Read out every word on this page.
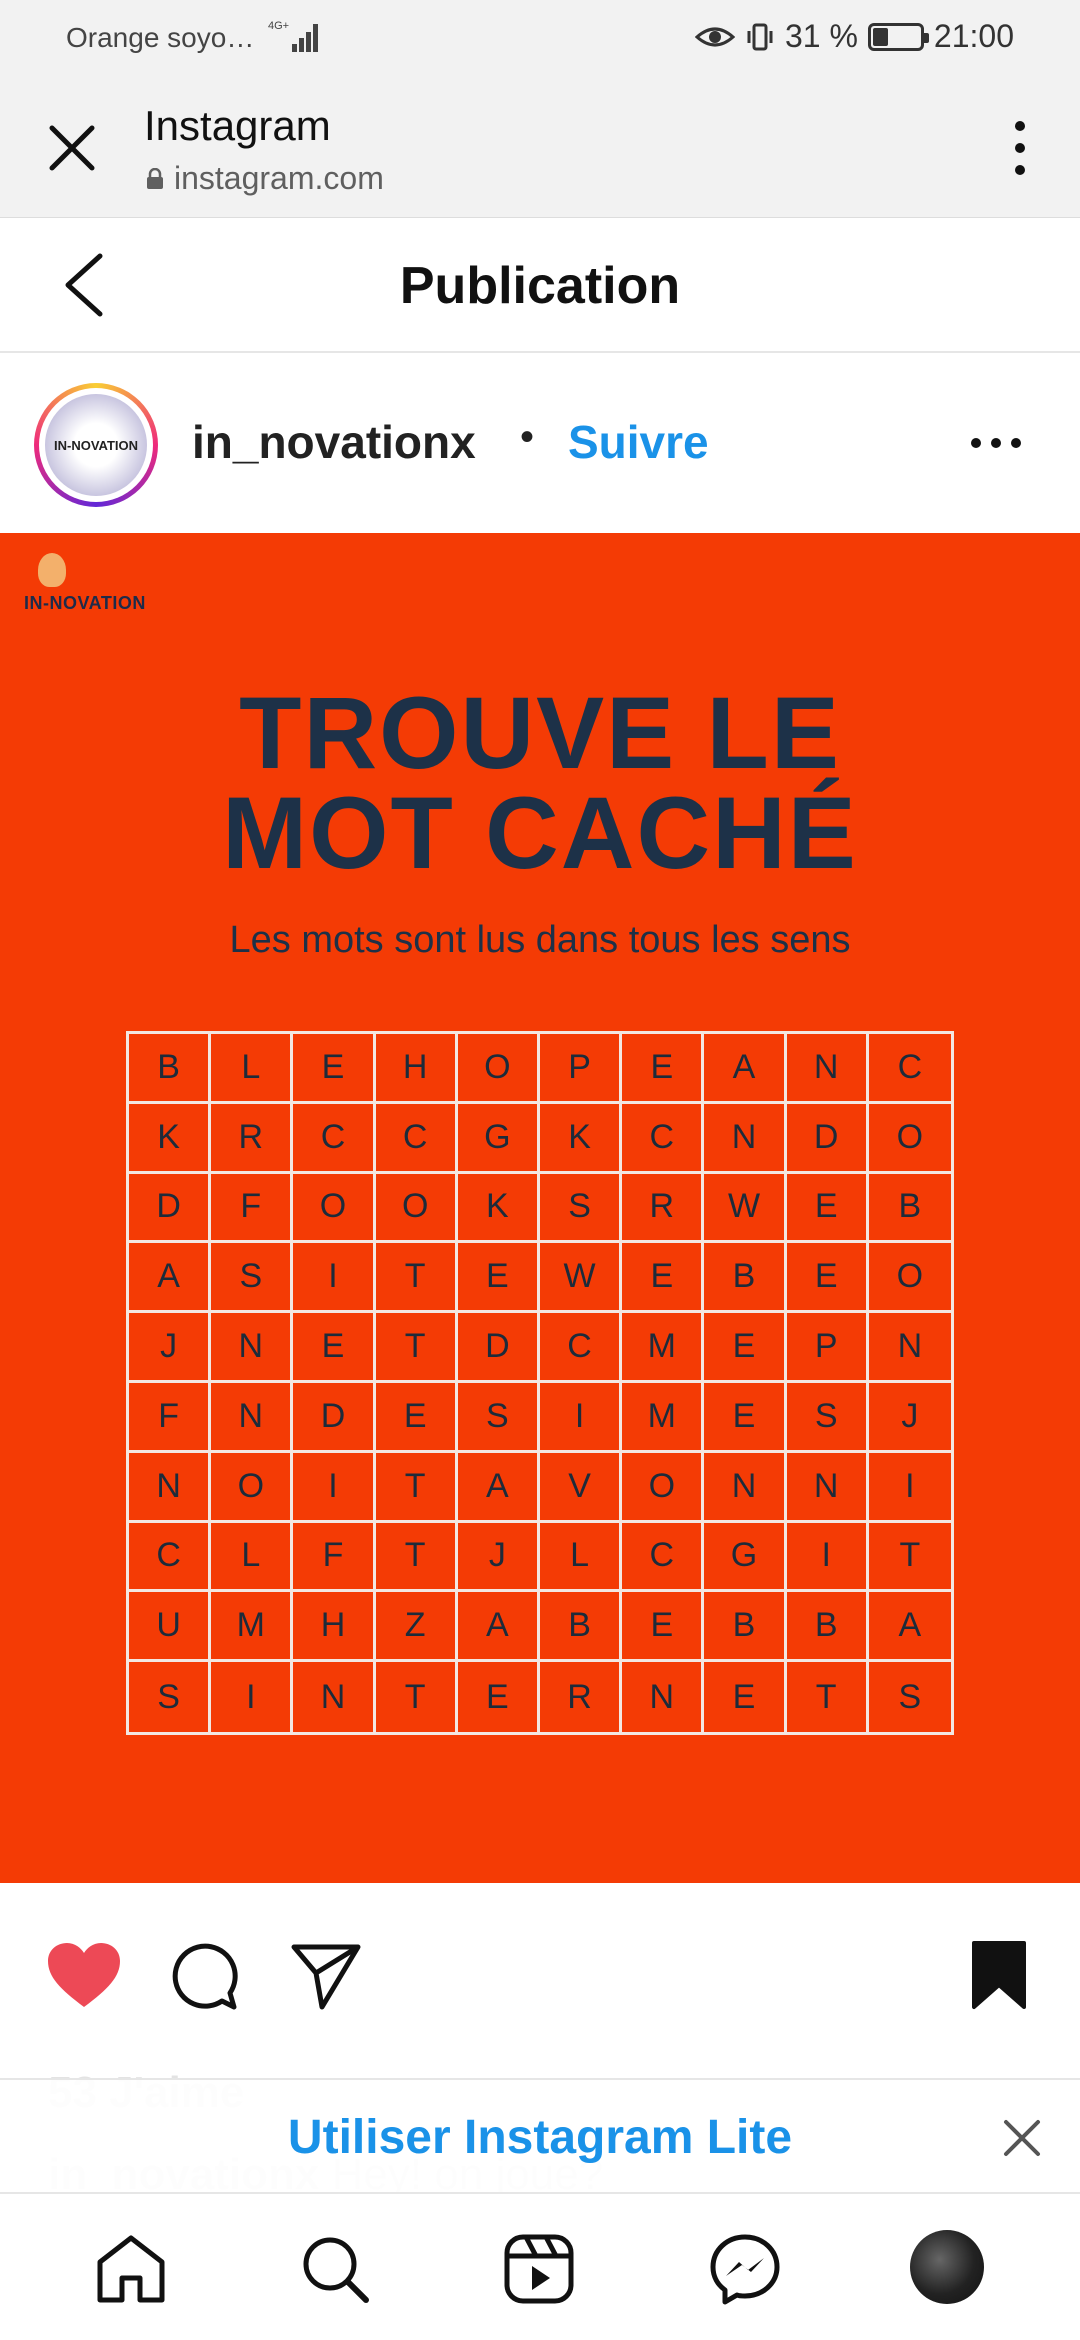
Orange soyo… 4G+	31 % 21:00
Instagram
instagram.com
Publication
IN-NOVATION in_novationx • Suivre
IN-NOVATION
TROUVE LE
MOT CACHÉ
Les mots sont lus dans tous les sens
B	L	E	H	O	P	E	A	N	C
K	R	C	C	G	K	C	N	D	O
D	F	O	O	K	S	R	W	E	B
A	S	I	T	E	W	E	B	E	O
J	N	E	T	D	C	M	E	P	N
F	N	D	E	S	I	M	E	S	J
N	O	I	T	A	V	O	N	N	I
C	L	F	T	J	L	C	G	I	T
U	M	H	Z	A	B	E	B	B	A
S	I	N	T	E	R	N	E	T	S
Utiliser Instagram Lite
